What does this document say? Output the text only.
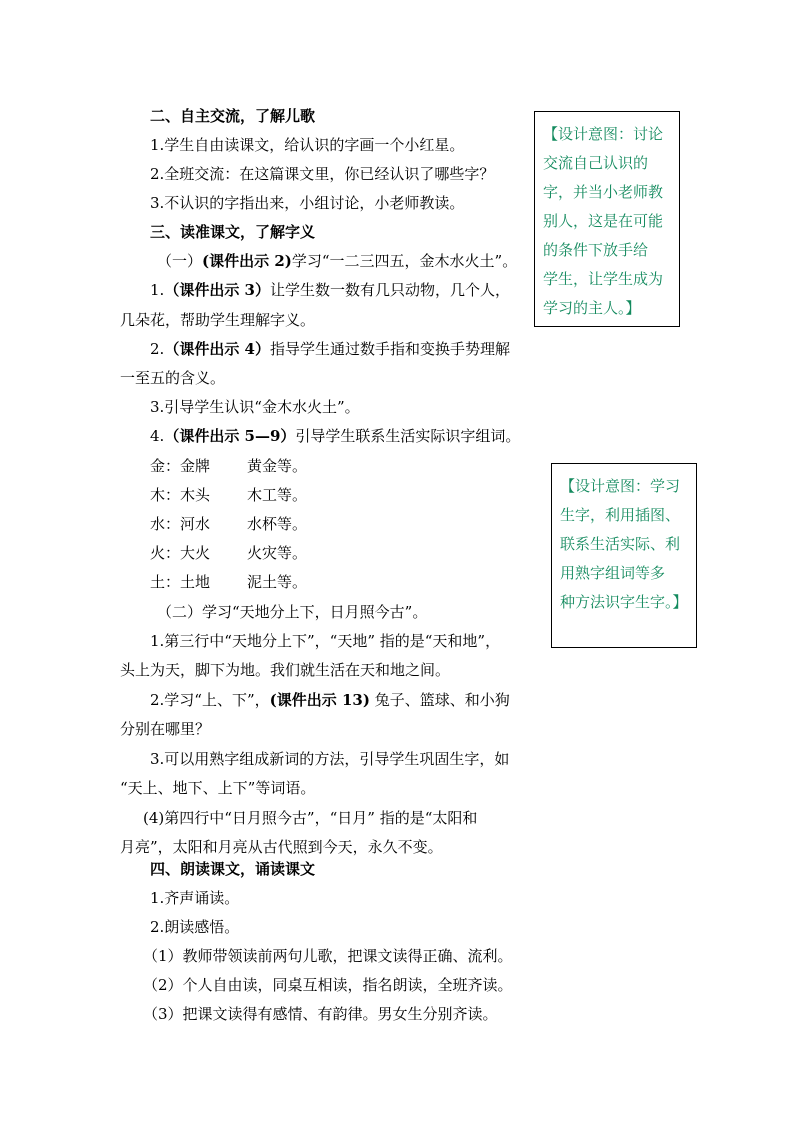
二、自主交流，了解儿歌
1.学生自由读课文，给认识的字画一个小红星。
2.全班交流：在这篇课文里，你已经认识了哪些字？
3.不认识的字指出来，小组讨论，小老师教读。
三、读准课文，了解字义
（一）(课件出示 2)学习“一二三四五，金木水火土”。
1.（课件出示 3）让学生数一数有几只动物，几个人，
几朵花，帮助学生理解字义。
2.（课件出示 4）指导学生通过数手指和变换手势理解
一至五的含义。
3.引导学生认识“金木水火土”。
4.（课件出示 5—9）引导学生联系生活实际识字组词。
金：金牌 黄金等。
木：木头 木工等。
水：河水 水杯等。
火：大火 火灾等。
土：土地 泥土等。
（二）学习“天地分上下，日月照今古”。
1.第三行中“天地分上下”，“天地” 指的是“天和地”，
头上为天，脚下为地。我们就生活在天和地之间。
2.学习“上、下”，(课件出示 13) 兔子、篮球、和小狗
分别在哪里？
3.可以用熟字组成新词的方法，引导学生巩固生字，如
“天上、地下、上下”等词语。
(4)第四行中“日月照今古”，“日月” 指的是“太阳和
月亮”，太阳和月亮从古代照到今天，永久不变。
四、朗读课文，诵读课文
1.齐声诵读。
2.朗读感悟。
（1）教师带领读前两句儿歌，把课文读得正确、流利。
（2）个人自由读，同桌互相读，指名朗读，全班齐读。
（3）把课文读得有感情、有韵律。男女生分别齐读。
【设计意图：讨论
交流自己认识的
字，并当小老师教
别人，这是在可能
的条件下放手给
学生，让学生成为
学习的主人。】
【设计意图：学习
生字，利用插图、
联系生活实际、利
用熟字组词等多
种方法识字生字。】
